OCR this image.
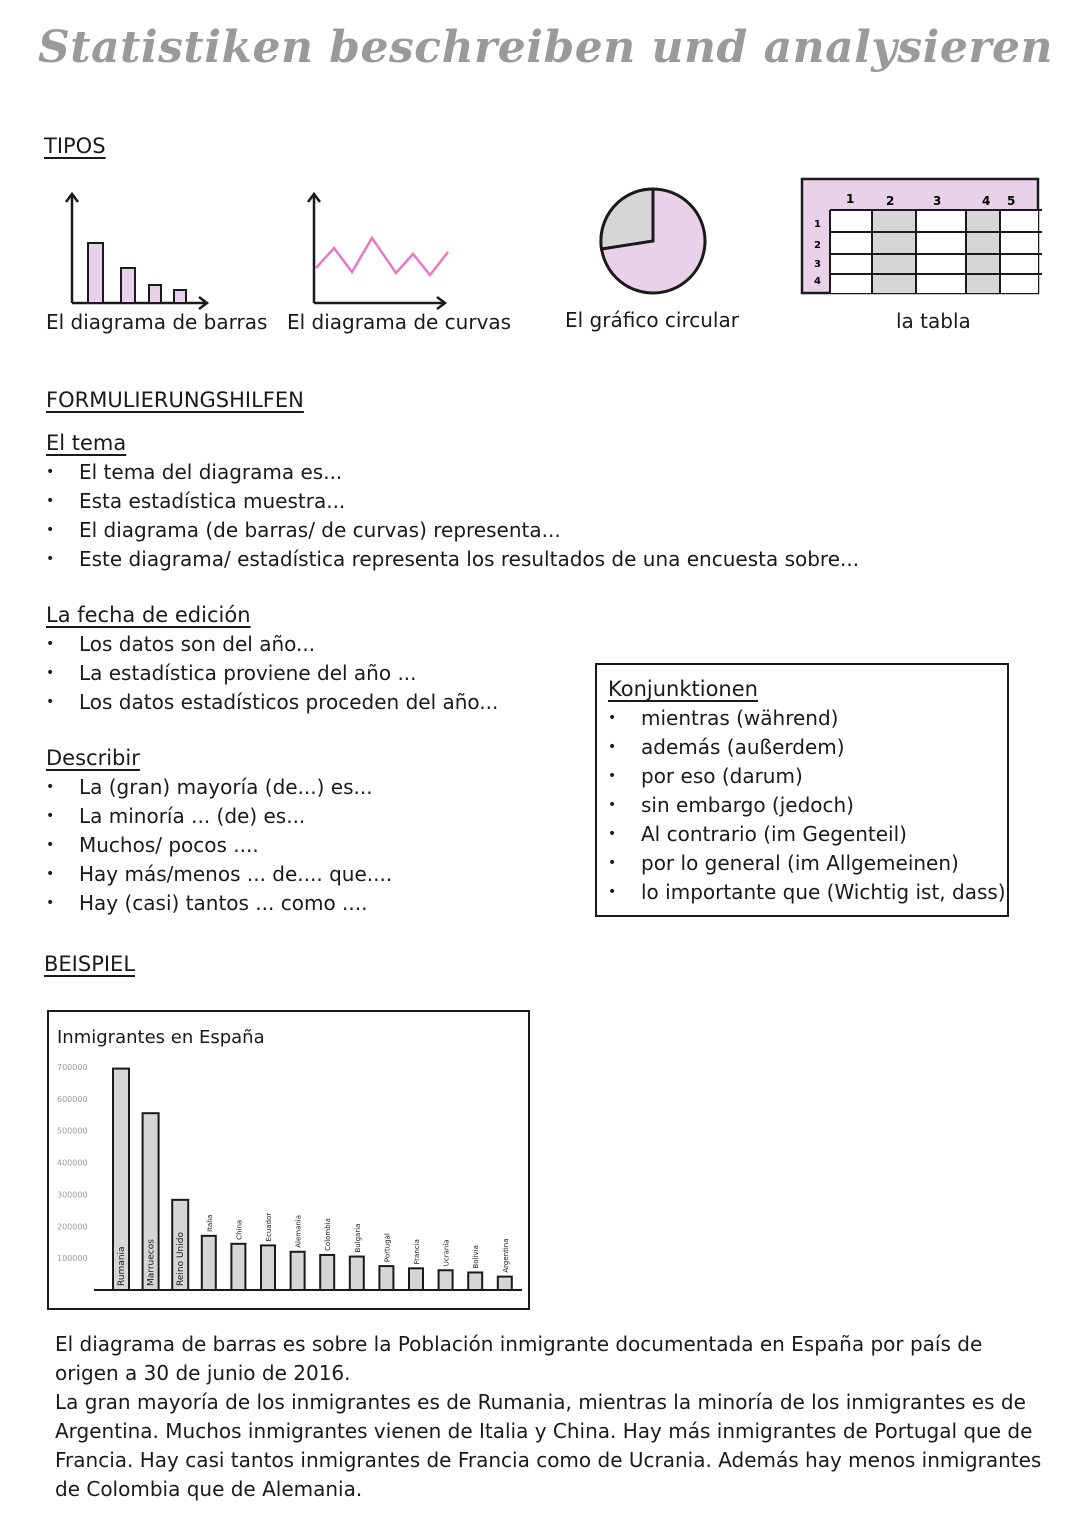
Statistiken beschreiben und analysieren
TIPOS
1	2	3	4 5
1
2
3
4
El diagrama de barras El diagrama de curvas	El gráfico circular	la tabla
FORMULIERUNGSHILFEN
El tema
• El tema del diagrama es...
• Esta estadística muestra...
• El diagrama (de barras/ de curvas) representa...
• Este diagrama/ estadística representa los resultados de una encuesta sobre...
La fecha de edición
• Los datos son del año...
• La estadística proviene del año ...
• Los datos estadísticos proceden del año...
Describir
• La (gran) mayoría (de...) es...
• La minoría ... (de) es...
• Muchos/ pocos ....
• Hay más/menos ... de.... que....
• Hay (casi) tantos ... como ....
Konjunktionen
• mientras (während)
• además (außerdem)
• por eso (darum)
• sin embargo (jedoch)
• Al contrario (im Gegenteil)
• por lo general (im Allgemeinen)
• lo importante que (Wichtig ist, dass)
BEISPIEL
Inmigrantes en España
700000
600000
500000
400000
300000
200000
100000	Rumania Marruecos Reino Unido
Italia	China	Ecuador	Alemania	Colombia	Bulgaria	Portugal	Francia	Ucrania	Bolivia	Argentina
El diagrama de barras es sobre la Población inmigrante documentada en España por país de
origen a 30 de junio de 2016.
La gran mayoría de los inmigrantes es de Rumania, mientras la minoría de los inmigrantes es de
Argentina. Muchos inmigrantes vienen de Italia y China. Hay más inmigrantes de Portugal que de
Francia. Hay casi tantos inmigrantes de Francia como de Ucrania. Además hay menos inmigrantes
de Colombia que de Alemania.
